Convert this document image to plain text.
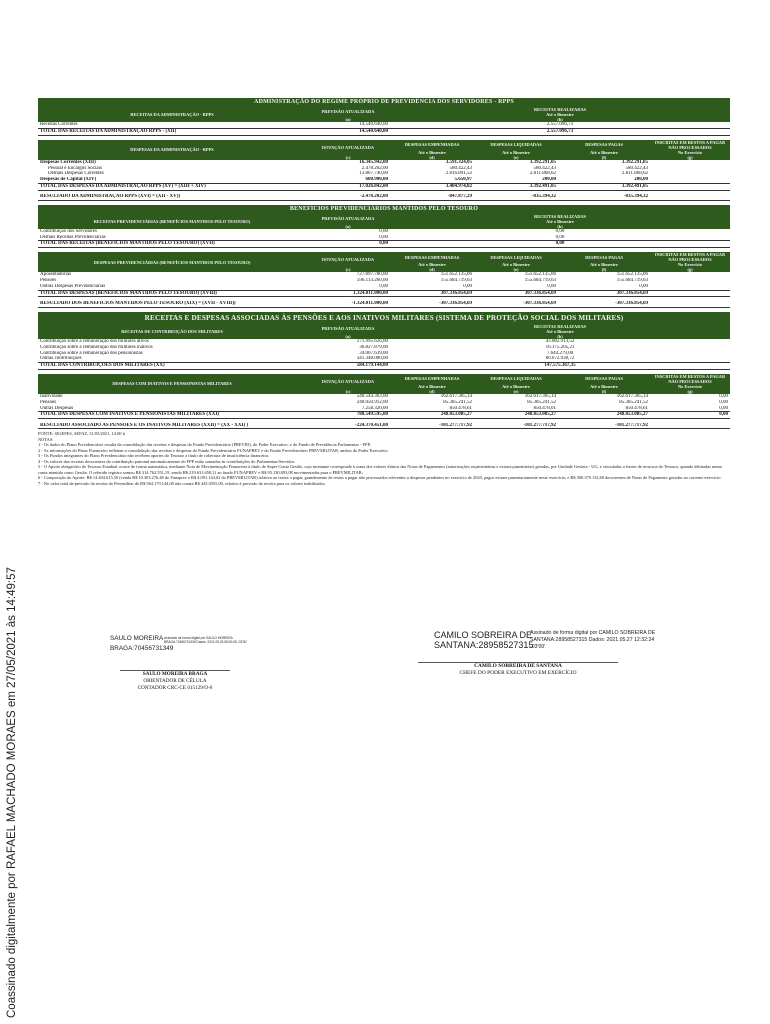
Coassinado digitalmente por RAFAEL MACHADO MORAES em 27/05/2021 às 14:49:57
ADMINISTRAÇÃO DO REGIME PRÓPRIO DE PREVIDÊNCIA DOS SERVIDORES - RPPS
RECEITAS DA ADMINISTRAÇÃO - RPPS	PREVISÃO ATUALIZADA	RECEITAS REALIZADAS
		Até o Bimestre
	(a)	(b)
Receitas Correntes	14.540.640,00	2.557.096,73
TOTAL DAS RECEITAS DA ADMINISTRAÇÃO RPPS - (XII)	14.540.640,00	2.557.096,73
DESPESAS DA ADMINISTRAÇÃO - RPPS	DOTAÇÃO ATUALIZADA	DESPESAS EMPENHADAS	DESPESAS LIQUIDADAS	DESPESAS PAGAS	INSCRITAS EM RESTOS A PAGAR NÃO PROCESSADOS
		Até o Bimestre	Até o Bimestre	Até o Bimestre	No Exercício
	(c)	(d)	(e)	(f)	(g)
Despesas Correntes (XIII)	16.345.942,00	3.591.324,05	3.392.291,05	3.392.291,05	
Pessoal e Encargos Sociais	2.478.202,00	580.422,43	580.422,43	580.422,43	
Demais Despesas Correntes	13.867.740,00	2.816.891,52	2.811.868,62	2.811.868,62	
Despesas de Capital (XIV)	600.900,00	5.650,97	200,00	200,00	
TOTAL DAS DESPESAS DA ADMINISTRAÇÃO RPPS (XV) = (XIII + XIV)	17.026.842,00	3.404.974,02	3.392.491,05	3.392.491,05	

RESULTADO DA ADMINISTRAÇÃO RPPS (XVI) = (XII - XV))	-2.478.202,00	-847.877,29	-835.394,32	-835.394,32	
BENEFÍCIOS PREVIDENCIÁRIOS MANTIDOS PELO TESOURO
RECEITAS PREVIDENCIÁRIAS (BENEFÍCIOS MANTIDOS PELO TESOURO)	PREVISÃO ATUALIZADA	RECEITAS REALIZADAS
		Até o Bimestre
	(a)	(b)
Contribuição dos Servidores	0,00	0,00
Demais Receitas Previdenciárias	0,00	0,00
TOTAL DAS RECEITAS (BENEFÍCIOS MANTIDOS PELO TESOURO) (XVII)	0,00	0,00
DESPESAS PREVIDENCIÁRIAS (BENEFÍCIOS MANTIDOS PELO TESOURO)	DOTAÇÃO ATUALIZADA	DESPESAS EMPENHADAS	DESPESAS LIQUIDADAS	DESPESAS PAGAS	INSCRITAS EM RESTOS A PAGAR NÃO PROCESSADOS
		Até o Bimestre	Até o Bimestre	Até o Bimestre	No Exercício
	(c)	(d)	(e)	(f)	(g)
Aposentadorias	727.897.780,00	151.652.135,06	151.652.135,06	151.652.135,06	
Pensões	596.113.260,00	155.684.719,63	155.684.719,63	155.684.719,63	
Outras Despesas Previdenciárias	0,00	0,00	0,00	0,00	
TOTAL DAS DESPESAS (BENEFÍCIOS MANTIDOS PELO TESOURO) (XVIII)	1.324.011.000,00	307.336.854,69	307.336.854,69	307.336.854,69	

RESULTADO DOS BENEFÍCIOS MANTIDOS PELO TESOURO (XIX) = (XVII - XVIII))	-1.324.011.000,00	-307.336.854,69	-307.336.854,69	-307.336.854,69	
RECEITAS E DESPESAS ASSOCIADAS ÀS PENSÕES E AOS INATIVOS MILITARES (SISTEMA DE PROTEÇÃO SOCIAL DOS MILITARES)
RECEITAS DE CONTRIBUIÇÃO DOS MILITARES	PREVISÃO ATUALIZADA	RECEITAS REALIZADAS
		Até o Bimestre
	(a)	(b)
Contribuição sobre a remuneração dos militares ativos	171.995.626,00	43.082.913,52
Contribuição sobre a remuneração dos militares inativos	36.827.879,00	16.175.205,21
Contribuição sobre a remuneração dos pensionistas	34.007.639,00	7.644.279,00
Outras contribuições	341.348.000,00	80.672.930,72
TOTAL DAS CONTRIBUIÇÕES DOS MILITARES (XX)	584.179.144,00	147.575.367,35
DESPESAS COM INATIVOS E PENSIONISTAS MILITARES	DOTAÇÃO ATUALIZADA	DESPESAS EMPENHADAS	DESPESAS LIQUIDADAS	DESPESAS PAGAS	INSCRITAS EM RESTOS A PAGAR NÃO PROCESSADOS
		Até o Bimestre	Até o Bimestre	Até o Bimestre	No Exercício
	(c)	(d)	(e)	(f)	(g)
Inatividade	540.544.363,00	162.617.365,14	162.617.365,14	162.617.365,14	0,00
Pensões	240.050.912,00	85.385.241,52	85.385.241,52	85.385.241,52	0,00
Outras Despesas	7.258.320,00	850.478,61	850.478,61	850.478,61	0,00
TOTAL DAS DESPESAS COM INATIVOS E PENSIONISTAS MILITARES (XXI)	788.549.595,00	248.853.085,27	248.853.085,27	248.853.085,27	0,00

RESULTADO ASSOCIADO ÀS PENSÕES E OS INATIVOS MILITARES (XXII) = (XX - XXI) )	-224.370.451,00	-101.277.717,92	-101.277.717,92	-101.277.717,92	
FONTE: SIGEFES, SEFAZ, 31/05/2021, 14:00 h
NOTAS:
1 - Os dados do Plano Previdenciário resulta da consolidação das receitas e despesas do Fundo Previdenciário (PREVID), do Poder Executivo, e do Fundo de Previdência Parlamentar - FPP;
2 - As informações do Plano Financeiro refletem a consolidação das receitas e despesas do Fundo Previdenciário FUNAPREV e do Fundo Previdenciário PREVMILITAR, ambos do Poder Executivo.
3 - Os Fundos integrantes do Plano Previdenciário não recebem aportes do Tesouro a título de cobertura de insuficiência financeira.
4 - Os valores das receitas decorrentes da contribuição patronal automaticamente do FPP estão somados às contribuições do Parlamentar/Servidor.
5 - O Aporte obrigatório do Tesouro Estadual ocorre de forma automática, mediante Nota de Movimentação Financeira à título de Super Conta Gestão, cujo montante corresponde à soma dos valores diários das Notas de Pagamentos (autorizações orçamentárias e extraorçamentárias) geradas, por Unidade Gestora - UG, e vinculadas a fontes de recursos do Tesouro, quando debitadas numa conta mantida como Gestão. O referido registro somou R$ 314.762.551,19, sendo R$ 219.631.658,11 ao fundo FUNAPREV e R$ 95.130.893,08 movimentadas para o PREVMILITAR;
6 - Composição do Aporte: R$ 14.404.615,50 (venda R$ 10.303.276,48 do Funaprev e R$ 4.091.144,02 do PREVMILITAR) relativo ao restos a pagar, grandemente de restos a pagar não processados referentes a despesas pendentes no exercício de 2020, pagos extraorçamentariamente neste exercício; e R$ 300.379.132,60 decorrentes de Notas de Pagamento geradas no corrente exercício.
7 - No valor total da previsão da receita do Prevmilitar de R$ 564.179.144,00 não consta R$ 443.0355,00, relativo à previsão da receita para os valores inabilitados.
SAULO MOREIRA
BRAGA:70456731349
Assinado de forma digital por SAULO MOREIRA BRAGA:70456731349 Dados: 2021.05.26 08:30:08 -03'00'
SAULO MOREIRA BRAGA
ORIENTADOR DE CÉLULA
CONTADOR CRC-CE 015129/O-6
CAMILO SOBREIRA DE
SANTANA:28958527315
Assinado de forma digital por CAMILO SOBREIRA DE SANTANA:28958527315 Dados: 2021.05.27 12:32:24 -03'00'
CAMILO SOBREIRA DE SANTANA
CHEFE DO PODER EXECUTIVO EM EXERCÍCIO
